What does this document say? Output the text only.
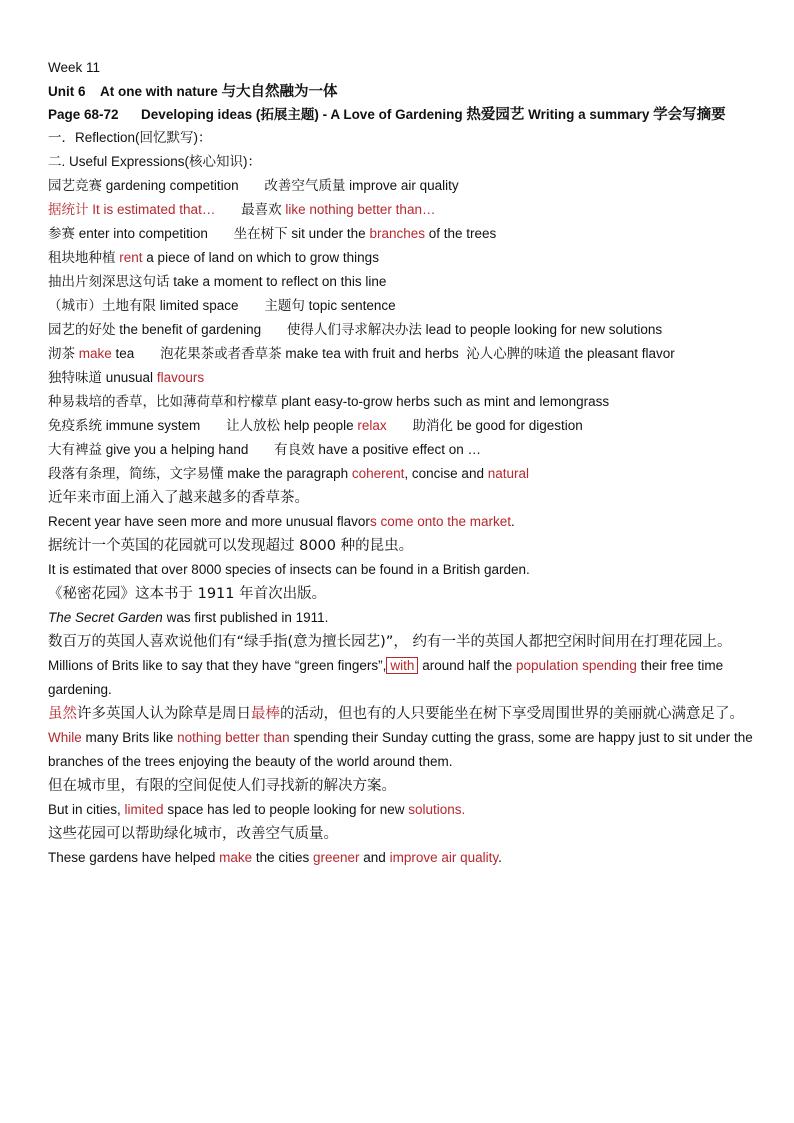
Week 11
Unit 6    At one with nature 与大自然融为一体
Page 68-72      Developing ideas (拓展主题) - A Love of Gardening 热爱园艺 Writing a summary 学会写摘要
一．Reflection(回忆默写)：
二. Useful Expressions(核心知识)：
园艺竞赛 gardening competition 改善空气质量 improve air quality
据统计 It is estimated that… 最喜欢 like nothing better than…
参赛 enter into competition 坐在树下 sit under the branches of the trees
租块地种植 rent a piece of land on which to grow things
抽出片刻深思这句话 take a moment to reflect on this line
（城市）土地有限 limited space 主题句 topic sentence
园艺的好处 the benefit of gardening 使得人们寻求解决办法 lead to people looking for new solutions
沏茶 make tea 泡花果茶或者香草茶 make tea with fruit and herbs 沁人心脾的味道 the pleasant flavor
独特味道 unusual flavours
种易栽培的香草，比如薄荷草和柠檬草 plant easy-to-grow herbs such as mint and lemongrass
免疫系统 immune system 让人放松 help people relax 助消化 be good for digestion
大有裨益 give you a helping hand 有良效 have a positive effect on …
段落有条理，简练，文字易懂 make the paragraph coherent, concise and natural
近年来市面上涌入了越来越多的香草茶。
Recent year have seen more and more unusual flavors come onto the market.
据统计一个英国的花园就可以发现超过 8000 种的昆虫。
It is estimated that over 8000 species of insects can be found in a British garden.
《秘密花园》这本书于 1911 年首次出版。
The Secret Garden was first published in 1911.
数百万的英国人喜欢说他们有“绿手指(意为擅长园艺)”， 约有一半的英国人都把空闲时间用在打理花园上。
Millions of Brits like to say that they have “green fingers”, with around half the population spending their free time gardening.
虽然许多英国人认为除草是周日最棒的活动，但也有的人只要能坐在树下享受周围世界的美丽就心满意足了。
While many Brits like nothing better than spending their Sunday cutting the grass, some are happy just to sit under the branches of the trees enjoying the beauty of the world around them.
但在城市里，有限的空间促使人们寻找新的解决方案。
But in cities, limited space has led to people looking for new solutions.
这些花园可以帮助绿化城市，改善空气质量。
These gardens have helped make the cities greener and improve air quality.
